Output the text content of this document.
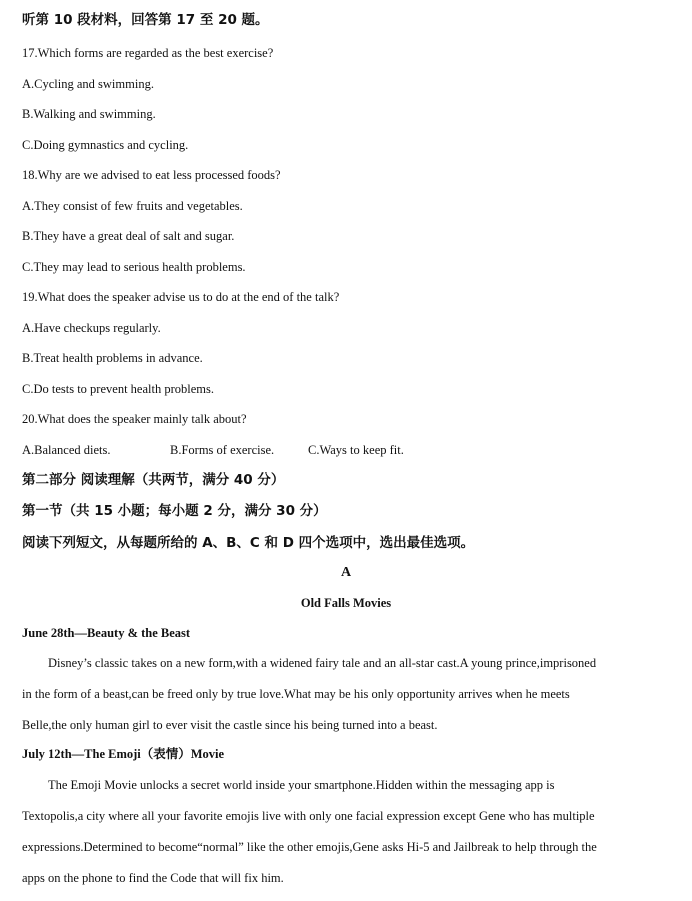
听第 10 段材料，回答第 17 至 20 题。
17.Which forms are regarded as the best exercise?
A.Cycling and swimming.
B.Walking and swimming.
C.Doing gymnastics and cycling.
18.Why are we advised to eat less processed foods?
A.They consist of few fruits and vegetables.
B.They have a great deal of salt and sugar.
C.They may lead to serious health problems.
19.What does the speaker advise us to do at the end of the talk?
A.Have checkups regularly.
B.Treat health problems in advance.
C.Do tests to prevent health problems.
20.What does the speaker mainly talk about?
A.Balanced diets.	B.Forms of exercise.	C.Ways to keep fit.
第二部分 阅读理解（共两节，满分 40 分）
第一节（共 15 小题；每小题 2 分，满分 30 分）
阅读下列短文，从每题所给的 A、B、C 和 D 四个选项中，选出最佳选项。
A
Old Falls Movies
June 28th—Beauty & the Beast
Disney’s classic takes on a new form,with a widened fairy tale and an all-star cast.A young prince,imprisoned
in the form of a beast,can be freed only by true love.What may be his only opportunity arrives when he meets
Belle,the only human girl to ever visit the castle since his being turned into a beast.
July 12th—The Emoji（表情）Movie
The Emoji Movie unlocks a secret world inside your smartphone.Hidden within the messaging app is
Textopolis,a city where all your favorite emojis live with only one facial expression except Gene who has multiple
expressions.Determined to become“normal” like the other emojis,Gene asks Hi-5 and Jailbreak to help through the
apps on the phone to find the Code that will fix him.
